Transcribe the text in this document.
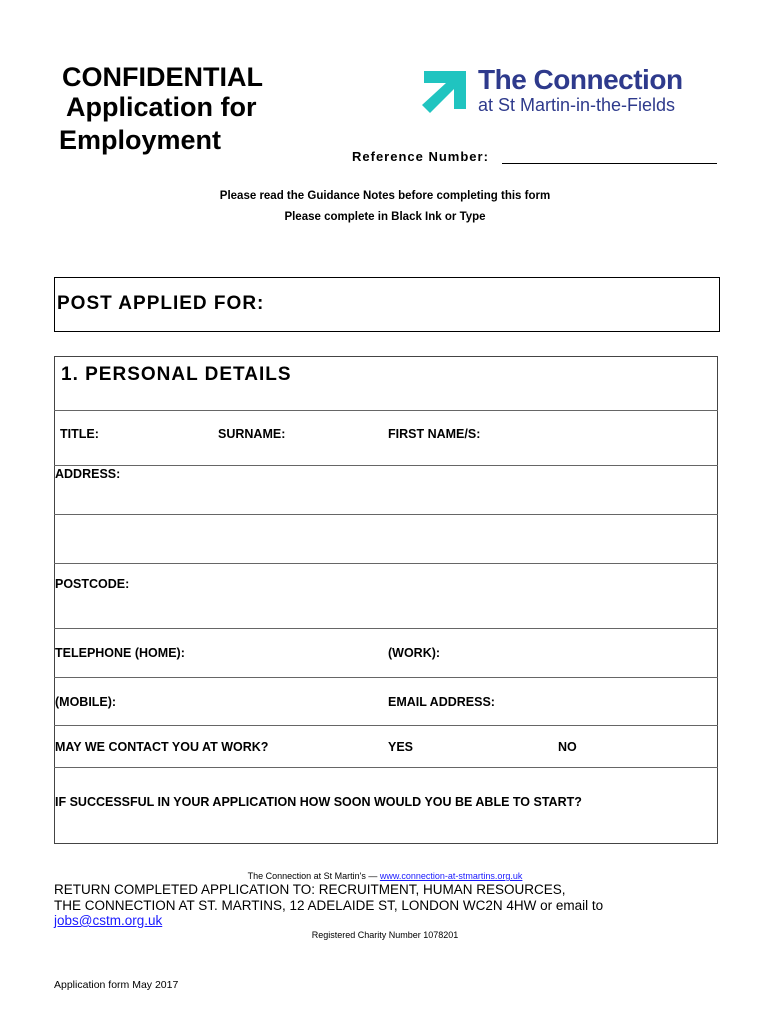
CONFIDENTIAL
Application for
Employment
The Connection
at St Martin-in-the-Fields
Reference Number:
Please read the Guidance Notes before completing this form
Please complete in Black Ink or Type
POST APPLIED FOR:
1. PERSONAL DETAILS
TITLE:	SURNAME:	FIRST NAME/S:
ADDRESS:
POSTCODE:
TELEPHONE (HOME):	(WORK):
(MOBILE):	EMAIL ADDRESS:
MAY WE CONTACT YOU AT WORK?	YES	NO
IF SUCCESSFUL IN YOUR APPLICATION HOW SOON WOULD YOU BE ABLE TO START?
The Connection at St Martin's — www.connection-at-stmartins.org.uk
RETURN COMPLETED APPLICATION TO: RECRUITMENT, HUMAN RESOURCES,
THE CONNECTION AT ST. MARTINS, 12 ADELAIDE ST, LONDON WC2N 4HW or email to
jobs@cstm.org.uk
Registered Charity Number 1078201
Application form May 2017
